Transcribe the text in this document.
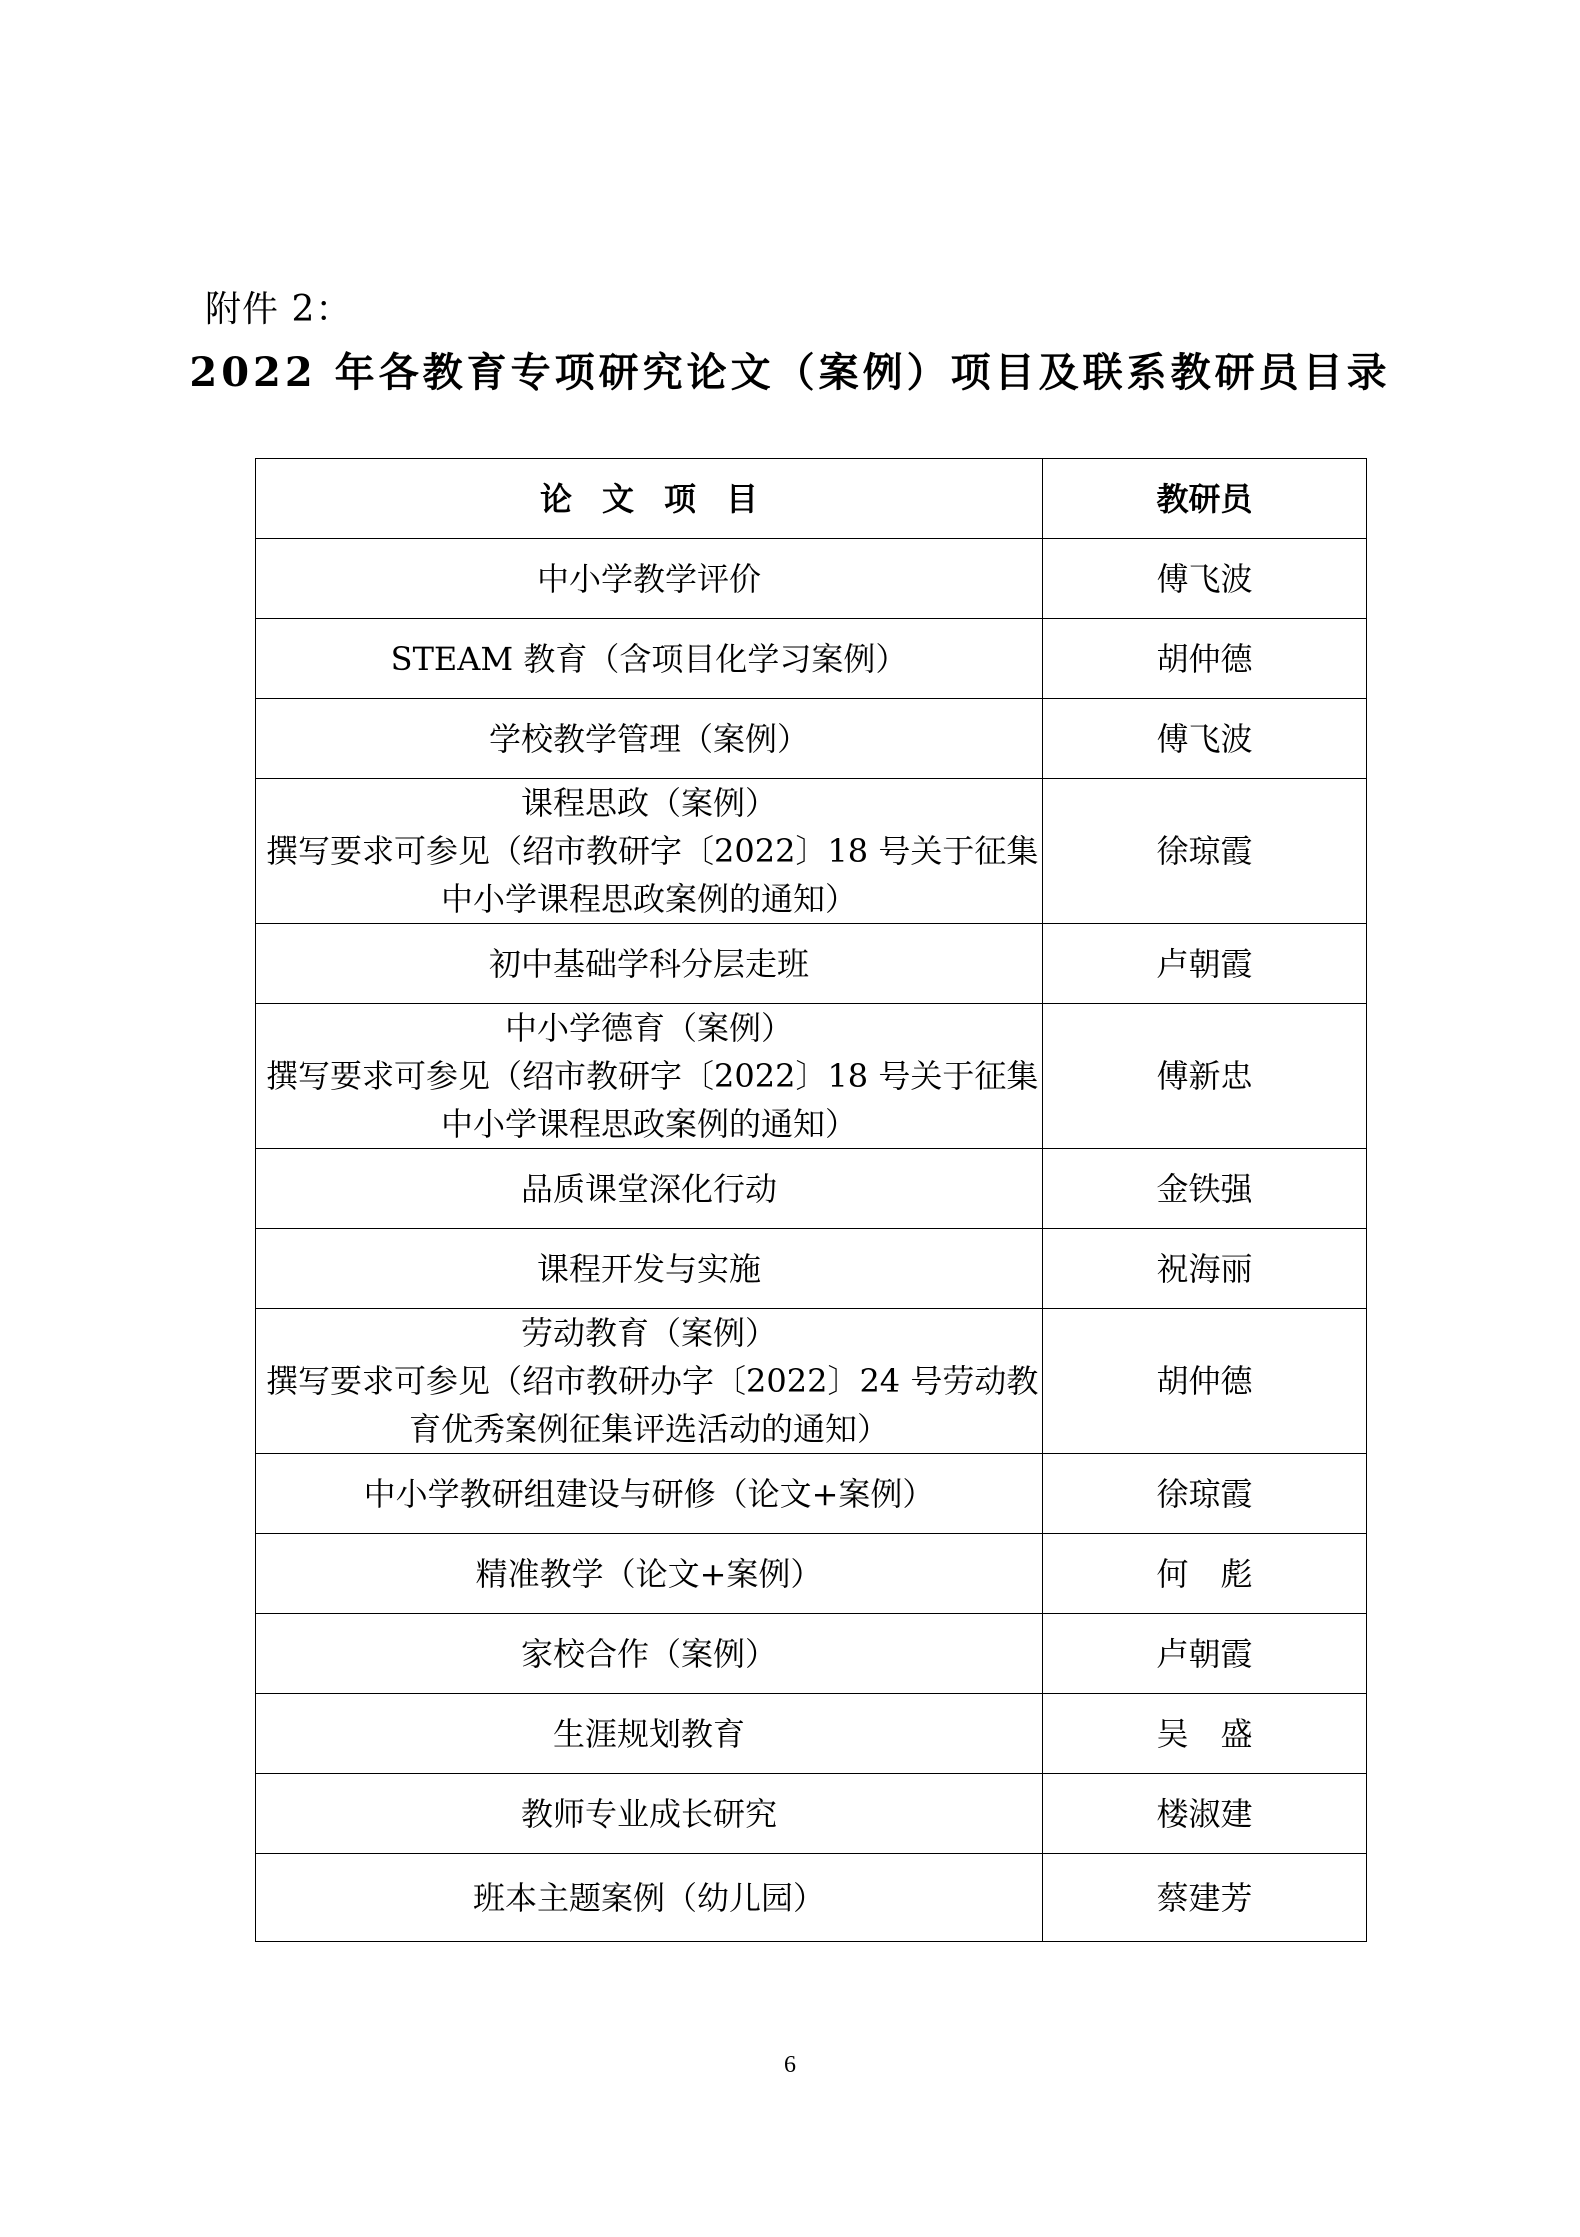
附件 2：
2022 年各教育专项研究论文（案例）项目及联系教研员目录
论文项目	教研员

中小学教学评价	傅飞波

STEAM 教育（含项目化学习案例）	胡仲德

学校教学管理（案例）	傅飞波

课程思政（案例）
撰写要求可参见（绍市教研字〔2022〕18 号关于征集
中小学课程思政案例的通知）	徐琼霞

初中基础学科分层走班	卢朝霞

中小学德育（案例）
撰写要求可参见（绍市教研字〔2022〕18 号关于征集
中小学课程思政案例的通知）	傅新忠

品质课堂深化行动	金铁强

课程开发与实施	祝海丽

劳动教育（案例）
撰写要求可参见（绍市教研办字〔2022〕24 号劳动教
育优秀案例征集评选活动的通知）	胡仲德

中小学教研组建设与研修（论文+案例）	徐琼霞

精准教学（论文+案例）	何　彪

家校合作（案例）	卢朝霞

生涯规划教育	吴　盛

教师专业成长研究	楼淑建

班本主题案例（幼儿园）	蔡建芳
6
